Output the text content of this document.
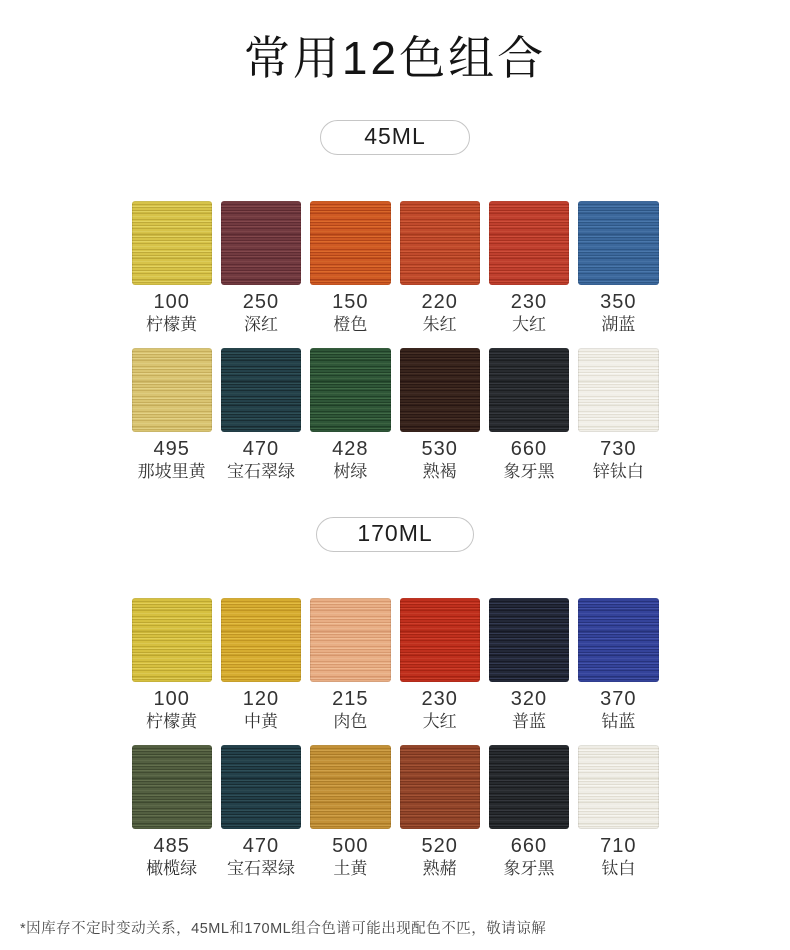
常用12色组合
45ML
100
柠檬黄
250
深红
150
橙色
220
朱红
230
大红
350
湖蓝
495
那坡里黄
470
宝石翠绿
428
树绿
530
熟褐
660
象牙黑
730
锌钛白
170ML
100
柠檬黄
120
中黄
215
肉色
230
大红
320
普蓝
370
钴蓝
485
橄榄绿
470
宝石翠绿
500
土黄
520
熟赭
660
象牙黑
710
钛白

*因库存不定时变动关系，45ML和170ML组合色谱可能出现配色不匹，敬请谅解
